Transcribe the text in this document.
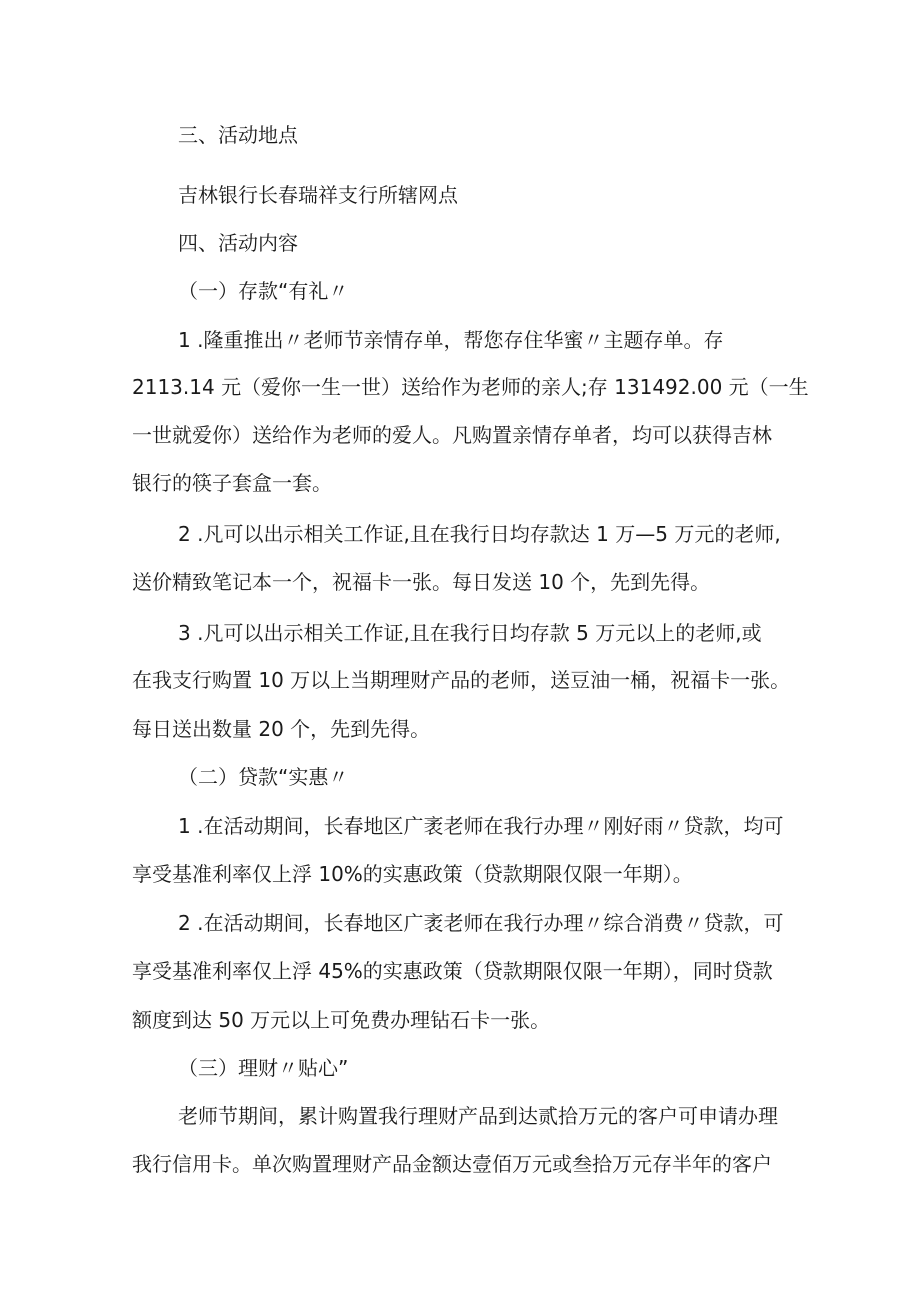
三、活动地点

吉林银行长春瑞祥支行所辖网点

四、活动内容

（一）存款“有礼〃

1 .隆重推出〃老师节亲情存单，帮您存住华蜜〃主题存单。存

2113.14 元（爱你一生一世）送给作为老师的亲人;存 131492.00 元（一生

一世就爱你）送给作为老师的爱人。凡购置亲情存单者，均可以获得吉林

银行的筷子套盒一套。

2 .凡可以出示相关工作证,且在我行日均存款达 1 万—5 万元的老师,

送价精致笔记本一个，祝福卡一张。每日发送 10 个，先到先得。

3 .凡可以出示相关工作证,且在我行日均存款 5 万元以上的老师,或

在我支行购置 10 万以上当期理财产品的老师，送豆油一桶，祝福卡一张。

每日送出数量 20 个，先到先得。

（二）贷款“实惠〃

1 .在活动期间，长春地区广袤老师在我行办理〃刚好雨〃贷款，均可

享受基准利率仅上浮 10%的实惠政策（贷款期限仅限一年期）。

2 .在活动期间，长春地区广袤老师在我行办理〃综合消费〃贷款，可

享受基准利率仅上浮 45%的实惠政策（贷款期限仅限一年期），同时贷款

额度到达 50 万元以上可免费办理钻石卡一张。

（三）理财〃贴心”

老师节期间，累计购置我行理财产品到达贰拾万元的客户可申请办理

我行信用卡。单次购置理财产品金额达壹佰万元或叁拾万元存半年的客户
